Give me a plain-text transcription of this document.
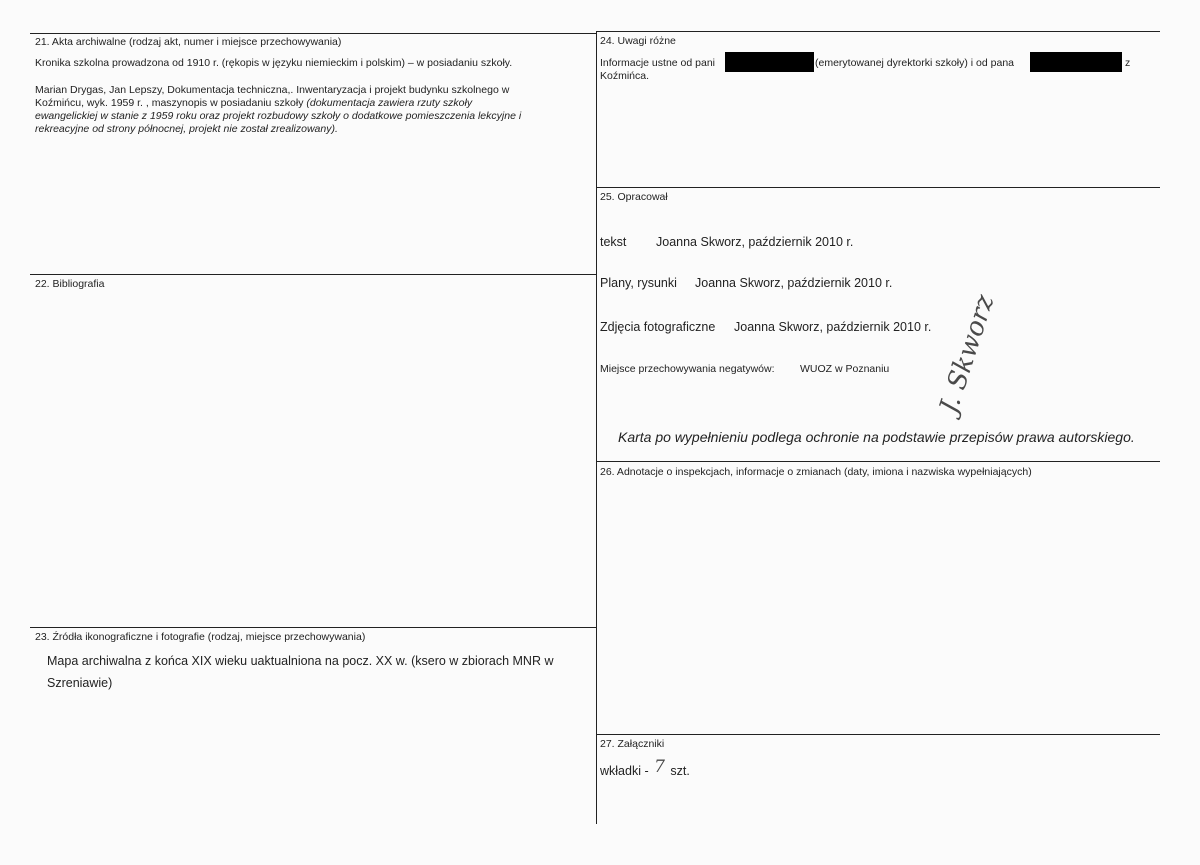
21. Akta archiwalne (rodzaj akt, numer i miejsce przechowywania)
Kronika szkolna prowadzona od 1910 r. (rękopis w języku niemieckim i polskim) – w posiadaniu szkoły.
Marian Drygas, Jan Lepszy, Dokumentacja techniczna,. Inwentaryzacja i projekt budynku szkolnego w
Koźmińcu, wyk. 1959 r. , maszynopis w posiadaniu szkoły (dokumentacja zawiera rzuty szkoły
ewangelickiej w stanie z 1959 roku oraz projekt rozbudowy szkoły o dodatkowe pomieszczenia lekcyjne i
rekreacyjne od strony północnej, projekt nie został zrealizowany).
22. Bibliografia
23. Źródła ikonograficzne i fotografie (rodzaj, miejsce przechowywania)
Mapa archiwalna z końca XIX wieku uaktualniona na pocz. XX w. (ksero w zbiorach MNR w
Szreniawie)
24. Uwagi różne
Informacje ustne od pani	(emerytowanej dyrektorki szkoły) i od pana	z
Koźmińca.
25. Opracował
tekst Joanna Skworz, październik 2010 r.
Plany, rysunki Joanna Skworz, październik 2010 r.
Zdjęcia fotograficzne Joanna Skworz, październik 2010 r.
Miejsce przechowywania negatywów: WUOZ w Poznaniu J. Skworz
Karta po wypełnieniu podlega ochronie na podstawie przepisów prawa autorskiego.
26. Adnotacje o inspekcjach, informacje o zmianach (daty, imiona i nazwiska wypełniających)
27. Załączniki
wkładki - 7 szt.
